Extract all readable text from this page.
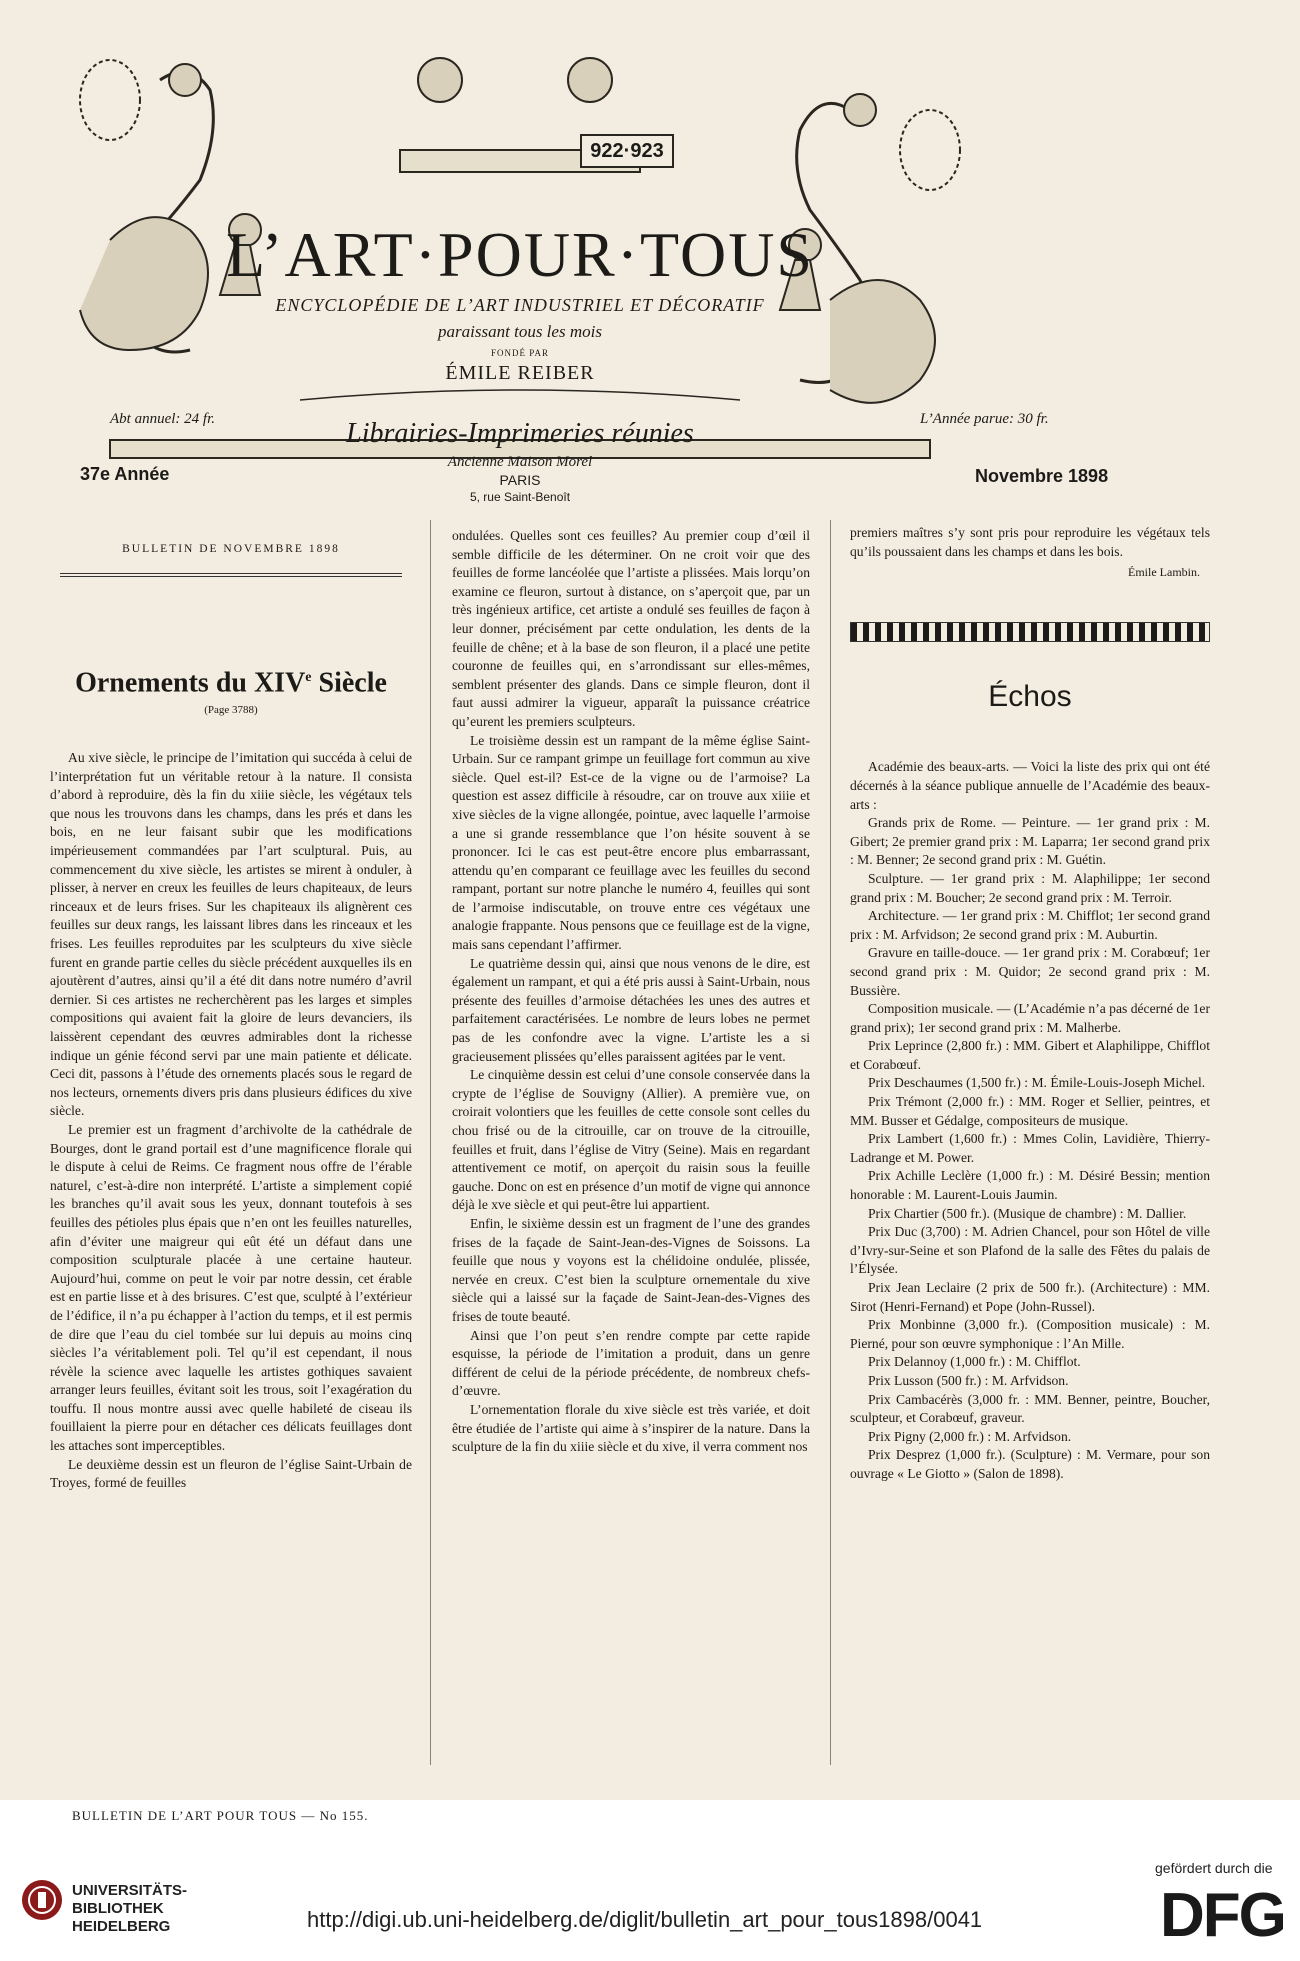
922·923
L’ART·POUR·TOUS
ENCYCLOPÉDIE DE L’ART INDUSTRIEL ET DÉCORATIF
paraissant tous les mois
FONDÉ PAR
ÉMILE REIBER
Librairies-Imprimeries réunies
Ancienne Maison Morel
PARIS
5, rue Saint-Benoît
Abt annuel: 24 fr.	L’Année parue: 30 fr.
37e Année	Novembre 1898
BULLETIN DE NOVEMBRE 1898
Ornements du XIVe Siècle
(Page 3788)

Au xive siècle, le principe de l’imitation qui succéda à celui de l’interprétation fut un véritable retour à la nature. Il consista d’abord à reproduire, dès la fin du xiiie siècle, les végétaux tels que nous les trouvons dans les champs, dans les prés et dans les bois, en ne leur faisant subir que les modifications impérieusement commandées par l’art sculptural. Puis, au commencement du xive siècle, les artistes se mirent à onduler, à plisser, à nerver en creux les feuilles de leurs chapiteaux, de leurs rinceaux et de leurs frises. Sur les chapiteaux ils alignèrent ces feuilles sur deux rangs, les laissant libres dans les rinceaux et les frises. Les feuilles reproduites par les sculpteurs du xive siècle furent en grande partie celles du siècle précédent auxquelles ils en ajoutèrent d’autres, ainsi qu’il a été dit dans notre numéro d’avril dernier. Si ces artistes ne recherchèrent pas les larges et simples compositions qui avaient fait la gloire de leurs devanciers, ils laissèrent cependant des œuvres admirables dont la richesse indique un génie fécond servi par une main patiente et délicate. Ceci dit, passons à l’étude des ornements placés sous le regard de nos lecteurs, ornements divers pris dans plusieurs édifices du xive siècle.

Le premier est un fragment d’archivolte de la cathédrale de Bourges, dont le grand portail est d’une magnificence florale qui le dispute à celui de Reims. Ce fragment nous offre de l’érable naturel, c’est-à-dire non interprété. L’artiste a simplement copié les branches qu’il avait sous les yeux, donnant toutefois à ses feuilles des pétioles plus épais que n’en ont les feuilles naturelles, afin d’éviter une maigreur qui eût été un défaut dans une composition sculpturale placée à une certaine hauteur. Aujourd’hui, comme on peut le voir par notre dessin, cet érable est en partie lisse et à des brisures. C’est que, sculpté à l’extérieur de l’édifice, il n’a pu échapper à l’action du temps, et il est permis de dire que l’eau du ciel tombée sur lui depuis au moins cinq siècles l’a véritablement poli. Tel qu’il est cependant, il nous révèle la science avec laquelle les artistes gothiques savaient arranger leurs feuilles, évitant soit les trous, soit l’exagération du touffu. Il nous montre aussi avec quelle habileté de ciseau ils fouillaient la pierre pour en détacher ces délicats feuillages dont les attaches sont imperceptibles.

Le deuxième dessin est un fleuron de l’église Saint-Urbain de Troyes, formé de feuilles

ondulées. Quelles sont ces feuilles? Au premier coup d’œil il semble difficile de les déterminer. On ne croit voir que des feuilles de forme lancéolée que l’artiste a plissées. Mais lorqu’on examine ce fleuron, surtout à distance, on s’aperçoit que, par un très ingénieux artifice, cet artiste a ondulé ses feuilles de façon à leur donner, précisément par cette ondulation, les dents de la feuille de chêne; et à la base de son fleuron, il a placé une petite couronne de feuilles qui, en s’arrondissant sur elles-mêmes, semblent présenter des glands. Dans ce simple fleuron, dont il faut aussi admirer la vigueur, apparaît la puissance créatrice qu’eurent les premiers sculpteurs.

Le troisième dessin est un rampant de la même église Saint-Urbain. Sur ce rampant grimpe un feuillage fort commun au xive siècle. Quel est-il? Est-ce de la vigne ou de l’armoise? La question est assez difficile à résoudre, car on trouve aux xiiie et xive siècles de la vigne allongée, pointue, avec laquelle l’armoise a une si grande ressemblance que l’on hésite souvent à se prononcer. Ici le cas est peut-être encore plus embarrassant, attendu qu’en comparant ce feuillage avec les feuilles du second rampant, portant sur notre planche le numéro 4, feuilles qui sont de l’armoise indiscutable, on trouve entre ces végétaux une analogie frappante. Nous pensons que ce feuillage est de la vigne, mais sans cependant l’affirmer.

Le quatrième dessin qui, ainsi que nous venons de le dire, est également un rampant, et qui a été pris aussi à Saint-Urbain, nous présente des feuilles d’armoise détachées les unes des autres et parfaitement caractérisées. Le nombre de leurs lobes ne permet pas de les confondre avec la vigne. L’artiste les a si gracieusement plissées qu’elles paraissent agitées par le vent.

Le cinquième dessin est celui d’une console conservée dans la crypte de l’église de Souvigny (Allier). A première vue, on croirait volontiers que les feuilles de cette console sont celles du chou frisé ou de la citrouille, car on trouve de la citrouille, feuilles et fruit, dans l’église de Vitry (Seine). Mais en regardant attentivement ce motif, on aperçoit du raisin sous la feuille gauche. Donc on est en présence d’un motif de vigne qui annonce déjà le xve siècle et qui peut-être lui appartient.

Enfin, le sixième dessin est un fragment de l’une des grandes frises de la façade de Saint-Jean-des-Vignes de Soissons. La feuille que nous y voyons est la chélidoine ondulée, plissée, nervée en creux. C’est bien la sculpture ornementale du xive siècle qui a laissé sur la façade de Saint-Jean-des-Vignes des frises de toute beauté.

Ainsi que l’on peut s’en rendre compte par cette rapide esquisse, la période de l’imitation a produit, dans un genre différent de celui de la période précédente, de nombreux chefs-d’œuvre.

L’ornementation florale du xive siècle est très variée, et doit être étudiée de l’artiste qui aime à s’inspirer de la nature. Dans la sculpture de la fin du xiiie siècle et du xive, il verra comment nos

premiers maîtres s’y sont pris pour reproduire les végétaux tels qu’ils poussaient dans les champs et dans les bois.

Émile Lambin.
Échos

Académie des beaux-arts. — Voici la liste des prix qui ont été décernés à la séance publique annuelle de l’Académie des beaux-arts :

Grands prix de Rome. — Peinture. — 1er grand prix : M. Gibert; 2e premier grand prix : M. Laparra; 1er second grand prix : M. Benner; 2e second grand prix : M. Guétin.

Sculpture. — 1er grand prix : M. Alaphilippe; 1er second grand prix : M. Boucher; 2e second grand prix : M. Terroir.

Architecture. — 1er grand prix : M. Chifflot; 1er second grand prix : M. Arfvidson; 2e second grand prix : M. Auburtin.

Gravure en taille-douce. — 1er grand prix : M. Corabœuf; 1er second grand prix : M. Quidor; 2e second grand prix : M. Bussière.

Composition musicale. — (L’Académie n’a pas décerné de 1er grand prix); 1er second grand prix : M. Malherbe.

Prix Leprince (2,800 fr.) : MM. Gibert et Alaphilippe, Chifflot et Corabœuf.

Prix Deschaumes (1,500 fr.) : M. Émile-Louis-Joseph Michel.

Prix Trémont (2,000 fr.) : MM. Roger et Sellier, peintres, et MM. Busser et Gédalge, compositeurs de musique.

Prix Lambert (1,600 fr.) : Mmes Colin, Lavidière, Thierry-Ladrange et M. Power.

Prix Achille Leclère (1,000 fr.) : M. Désiré Bessin; mention honorable : M. Laurent-Louis Jaumin.

Prix Chartier (500 fr.). (Musique de chambre) : M. Dallier.

Prix Duc (3,700) : M. Adrien Chancel, pour son Hôtel de ville d’Ivry-sur-Seine et son Plafond de la salle des Fêtes du palais de l’Élysée.

Prix Jean Leclaire (2 prix de 500 fr.). (Architecture) : MM. Sirot (Henri-Fernand) et Pope (John-Russel).

Prix Monbinne (3,000 fr.). (Composition musicale) : M. Pierné, pour son œuvre symphonique : l’An Mille.

Prix Delannoy (1,000 fr.) : M. Chifflot.

Prix Lusson (500 fr.) : M. Arfvidson.

Prix Cambacérès (3,000 fr. : MM. Benner, peintre, Boucher, sculpteur, et Corabœuf, graveur.

Prix Pigny (2,000 fr.) : M. Arfvidson.

Prix Desprez (1,000 fr.). (Sculpture) : M. Vermare, pour son ouvrage « Le Giotto » (Salon de 1898).

BULLETIN DE L’ART POUR TOUS — No 155.
UNIVERSITÄTS-
BIBLIOTHEK
HEIDELBERG	http://digi.ub.uni-heidelberg.de/diglit/bulletin_art_pour_tous1898/0041
gefördert durch die
DFG
